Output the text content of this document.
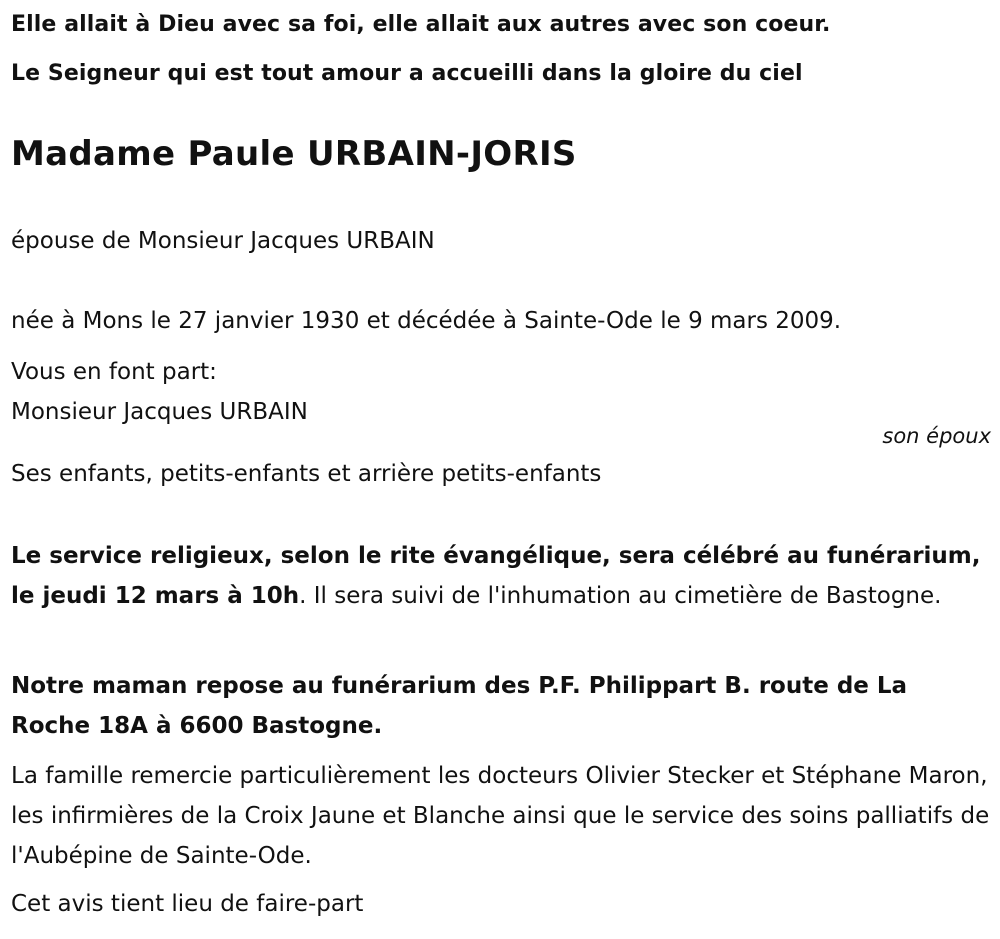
Elle allait à Dieu avec sa foi, elle allait aux autres avec son coeur.

Le Seigneur qui est tout amour a accueilli dans la gloire du ciel

Madame Paule URBAIN-JORIS

épouse de Monsieur Jacques URBAIN

née à Mons le 27 janvier 1930 et décédée à Sainte-Ode le 9 mars 2009.

Vous en font part:

Monsieur Jacques URBAIN

son époux

Ses enfants, petits-enfants et arrière petits-enfants

Le service religieux, selon le rite évangélique, sera célébré au funérarium, le jeudi 12 mars à 10h. Il sera suivi de l'inhumation au cimetière de Bastogne.

Notre maman repose au funérarium des P.F. Philippart B. route de La Roche 18A à 6600 Bastogne.

La famille remercie particulièrement les docteurs Olivier Stecker et Stéphane Maron, les infirmières de la Croix Jaune et Blanche ainsi que le service des soins palliatifs de l'Aubépine de Sainte-Ode.

Cet avis tient lieu de faire-part
